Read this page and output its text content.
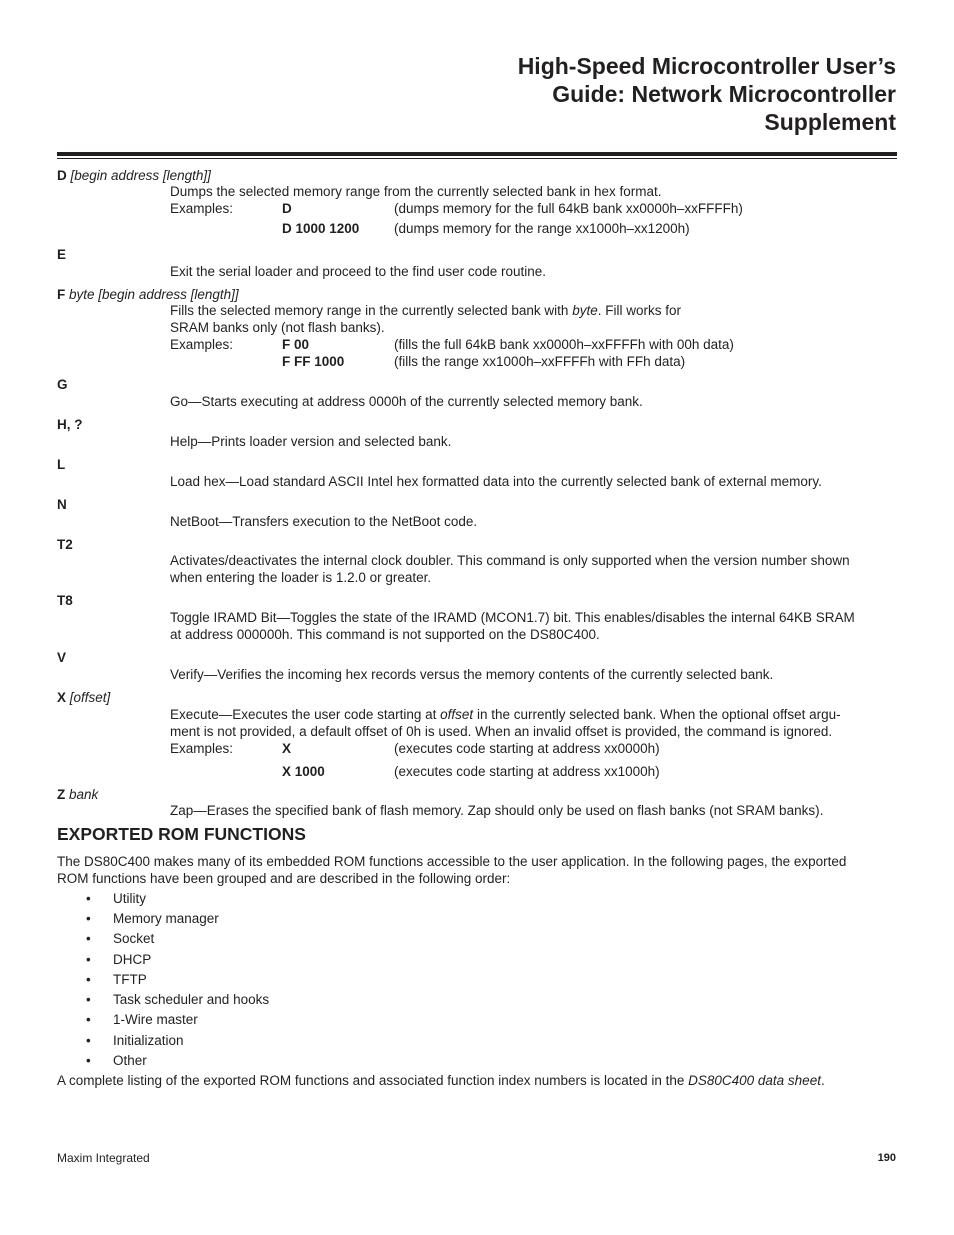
High-Speed Microcontroller User’s
Guide: Network Microcontroller
Supplement
D [begin address [length]]
Dumps the selected memory range from the currently selected bank in hex format.
Examples:	D	(dumps memory for the full 64kB bank xx0000h–xxFFFFh)
D 1000 1200	(dumps memory for the range xx1000h–xx1200h)
E
Exit the serial loader and proceed to the find user code routine.
F byte [begin address [length]]
Fills the selected memory range in the currently selected bank with byte. Fill works for
SRAM banks only (not flash banks).
Examples:	F 00	(fills the full 64kB bank xx0000h–xxFFFFh with 00h data)
F FF 1000	(fills the range xx1000h–xxFFFFh with FFh data)
G
Go—Starts executing at address 0000h of the currently selected memory bank.
H, ?
Help—Prints loader version and selected bank.
L
Load hex—Load standard ASCII Intel hex formatted data into the currently selected bank of external memory.
N
NetBoot—Transfers execution to the NetBoot code.
T2
Activates/deactivates the internal clock doubler. This command is only supported when the version number shown
when entering the loader is 1.2.0 or greater.
T8
Toggle IRAMD Bit—Toggles the state of the IRAMD (MCON1.7) bit. This enables/disables the internal 64KB SRAM
at address 000000h. This command is not supported on the DS80C400.
V
Verify—Verifies the incoming hex records versus the memory contents of the currently selected bank.
X [offset]
Execute—Executes the user code starting at offset in the currently selected bank. When the optional offset argu-
ment is not provided, a default offset of 0h is used. When an invalid offset is provided, the command is ignored.
Examples:	X	(executes code starting at address xx0000h)
X 1000	(executes code starting at address xx1000h)
Z bank
Zap—Erases the specified bank of flash memory. Zap should only be used on flash banks (not SRAM banks).
EXPORTED ROM FUNCTIONS
The DS80C400 makes many of its embedded ROM functions accessible to the user application. In the following pages, the exported
ROM functions have been grouped and are described in the following order:
• Utility
• Memory manager
• Socket
• DHCP
• TFTP
• Task scheduler and hooks
• 1-Wire master
• Initialization
• Other
A complete listing of the exported ROM functions and associated function index numbers is located in the DS80C400 data sheet.
Maxim Integrated	190
